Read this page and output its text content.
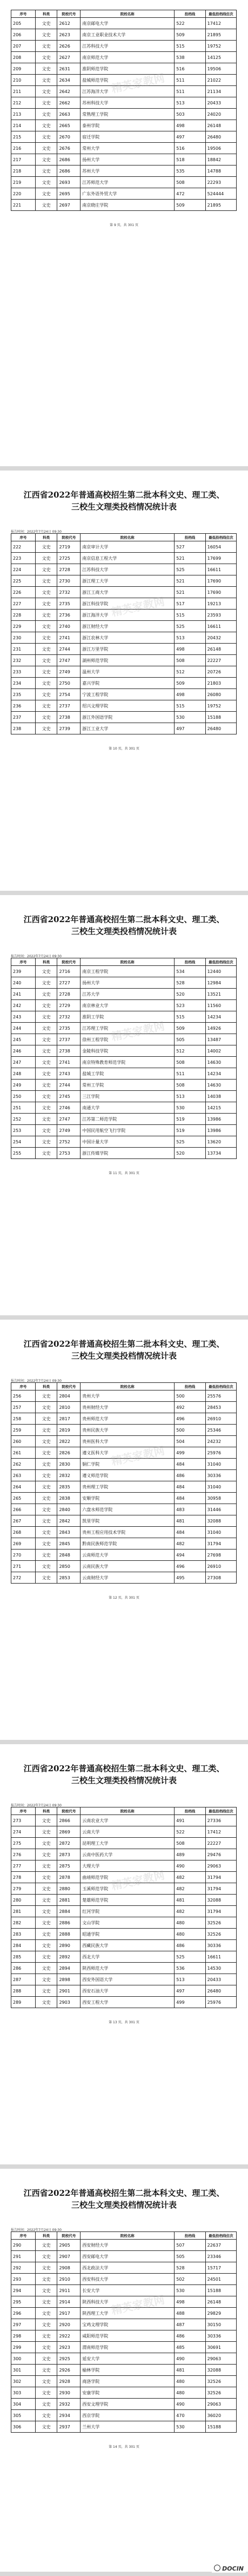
序号	科类	院校代号	院校名称	投档线	最低投档线位次
205	文史	2612	南京邮电大学	522	17412
206	文史	2623	南京工业职业技术大学	509	21895
207	文史	2626	江苏科技大学	515	19752
208	文史	2627	南京师范大学	538	14125
209	文史	2631	淮阴师范学院	516	19506
210	文史	2634	盐城师范学院	511	21022
211	文史	2642	江苏海洋大学	511	21134
212	文史	2662	苏州科技大学	513	20433
213	文史	2663	常熟理工学院	503	24020
214	文史	2665	泰州学院	498	26148
215	文史	2670	宿迁学院	497	26480
216	文史	2676	常州大学	516	19506
217	文史	2686	扬州大学	518	18842
218	文史	2686	苏州大学	535	14788
219	文史	2693	江苏师范大学	508	22293
220	文史	2695	广东外语外贸大学	472	524444
221	文史	2697	南京晓庄学院	509	21895
精英家教网
第 9 页，共 301 页
江西省2022年普通高校招生第二批本科文史、理工类、三校生文理类投档情况统计表
报告时间：2022年7月24日 09:30
序号	科类	院校代号	院校名称	投档线	最低投档线位次
222	文史	2719	南京审计大学	527	16054
223	文史	2725	南京信息工程大学	521	17699
224	文史	2728	江苏科技大学	525	16611
225	文史	2730	浙江理工大学	521	17690
226	文史	2732	浙江工商大学	521	17690
227	文史	2735	浙江科技学院	517	19213
228	文史	2736	浙江海洋大学	515	23593
229	文史	2740	浙江财经大学	525	16611
230	文史	2741	浙江农林大学	513	20432
231	文史	2744	浙江万里学院	498	26148
232	文史	2747	湖州师范学院	508	22227
233	文史	2749	温州大学	512	20726
234	文史	2750	嘉兴学院	509	21803
235	文史	2754	宁波工程学院	498	26080
236	文史	2737	绍兴文理学院	515	19752
237	文史	2738	浙江外国语学院	530	15188
238	文史	2739	浙江工业大学	497	26480
精英家教网
第 10 页，共 301 页
江西省2022年普通高校招生第二批本科文史、理工类、三校生文理类投档情况统计表
报告时间：2022年7月24日 09:30
序号	科类	院校代号	院校名称	投档线	最低投档线位次
239	文史	2716	南京工程学院	534	12440
240	文史	2727	扬州大学	528	12984
241	文史	2728	江苏大学	520	13521
242	文史	2729	南京林业大学	523	11560
243	文史	2732	淮阴工学院	515	14234
244	文史	2735	江苏理工学院	509	14926
245	文史	2737	徐州工程学院	505	13487
246	文史	2738	金陵科技学院	512	14002
247	文史	2741	南京特殊教育师范学院	508	14630
248	文史	2743	盐城工学院	511	14234
249	文史	2744	常州工学院	508	14630
250	文史	2745	三江学院	513	14038
251	文史	2746	南通大学	530	14215
252	文史	2747	江苏第二师范学院	519	13986
253	文史	2749	中国民用航空飞行学院	519	13986
254	文史	2752	中国计量大学	525	13620
255	文史	2753	浙江传媒学院	520	13734
精英家教网
第 11 页，共 301 页
江西省2022年普通高校招生第二批本科文史、理工类、三校生文理类投档情况统计表
报告时间：2022年7月24日 09:30
序号	科类	院校代号	院校名称	投档线	最低投档线位次
256	文史	2804	贵州大学	500	25576
257	文史	2810	贵州财经大学	492	28453
258	文史	2817	贵州师范大学	496	26910
259	文史	2819	贵州民族大学	500	25346
260	文史	2822	贵州医科大学	504	24232
261	文史	2826	遵义医科大学	499	25976
262	文史	2830	铜仁学院	484	31040
263	文史	2832	遵义师范学院	486	30336
264	文史	2835	贵州理工学院	484	31040
265	文史	2838	安顺学院	484	30958
266	文史	2840	六盘水师范学院	483	31446
267	文史	2842	凯里学院	481	32088
268	文史	2843	贵州工程应用技术学院	484	31040
269	文史	2845	黔南民族师范学院	482	31794
270	文史	2848	云南师范大学	494	27698
271	文史	2850	云南民族大学	496	26910
272	文史	2853	云南财经大学	495	27308
精英家教网
第 12 页，共 301 页
江西省2022年普通高校招生第二批本科文史、理工类、三校生文理类投档情况统计表
报告时间：2022年7月24日 09:30
序号	科类	院校代号	院校名称	投档线	最低投档线位次
273	文史	2866	云南农业大学	491	27336
274	文史	2869	云南大学	522	17412
275	文史	2872	昆明理工大学	508	22227
276	文史	2873	云南中医药大学	489	29476
277	文史	2875	大理大学	490	29063
278	文史	2878	曲靖师范学院	482	31794
279	文史	2880	玉溪师范学院	482	31794
280	文史	2881	楚雄师范学院	481	32088
281	文史	2884	红河学院	482	31794
282	文史	2886	文山学院	480	32526
283	文史	2888	昭通学院	480	32526
284	文史	2890	西藏民族大学	486	30336
285	文史	2892	西北大学	525	16611
286	文史	2894	陕西师范大学	536	14530
287	文史	2898	西安外国语大学	513	20433
288	文史	2901	西安石油大学	497	26480
289	文史	2903	西安工程大学	499	25976
精英家教网
第 13 页，共 301 页
江西省2022年普通高校招生第二批本科文史、理工类、三校生文理类投档情况统计表
报告时间：2022年7月24日 09:30
序号	科类	院校代号	院校名称	投档线	最低投档线位次
290	文史	2905	西安财经大学	507	22637
291	文史	2907	西安邮电大学	505	23346
292	文史	2908	西北政法大学	528	15717
293	文史	2910	西安科技大学	502	24501
294	文史	2911	长安大学	530	15188
295	文史	2914	陕西科技大学	498	26148
296	文史	2917	陕西理工大学	488	29829
297	文史	2920	宝鸡文理学院	487	30150
298	文史	2922	咸阳师范学院	486	30336
299	文史	2923	渭南师范学院	485	30691
300	文史	2925	延安大学	490	29063
301	文史	2926	榆林学院	481	32088
302	文史	2928	商洛学院	480	32526
303	文史	2930	安康学院	480	32526
304	文史	2932	西安文理学院	490	29063
305	文史	2934	西京学院	470	36020
306	文史	2937	兰州大学	530	15188
精英家教网
第 14 页，共 301 页
DOCIN
